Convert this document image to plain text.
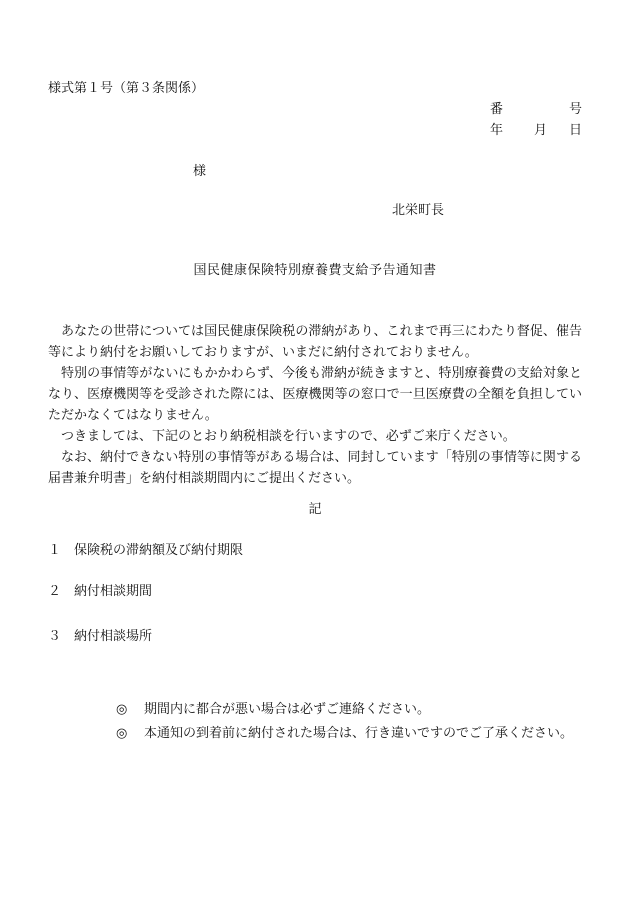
様式第１号（第３条関係）
番	号
年 月 日
様
北栄町長
国民健康保険特別療養費支給予告通知書

あなたの世帯については国民健康保険税の滞納があり、これまで再三にわたり督促、催告等により納付をお願いしておりますが、いまだに納付されておりません。

特別の事情等がないにもかかわらず、今後も滞納が続きますと、特別療養費の支給対象となり、医療機関等を受診された際には、医療機関等の窓口で一旦医療費の全額を負担していただかなくてはなりません。

つきましては、下記のとおり納税相談を行いますので、必ずご来庁ください。

なお、納付できない特別の事情等がある場合は、同封しています「特別の事情等に関する届書兼弁明書」を納付相談期間内にご提出ください。

記
１ 保険税の滞納額及び納付期限
２ 納付相談期間
３ 納付相談場所
◎ 期間内に都合が悪い場合は必ずご連絡ください。
◎ 本通知の到着前に納付された場合は、行き違いですのでご了承ください。
